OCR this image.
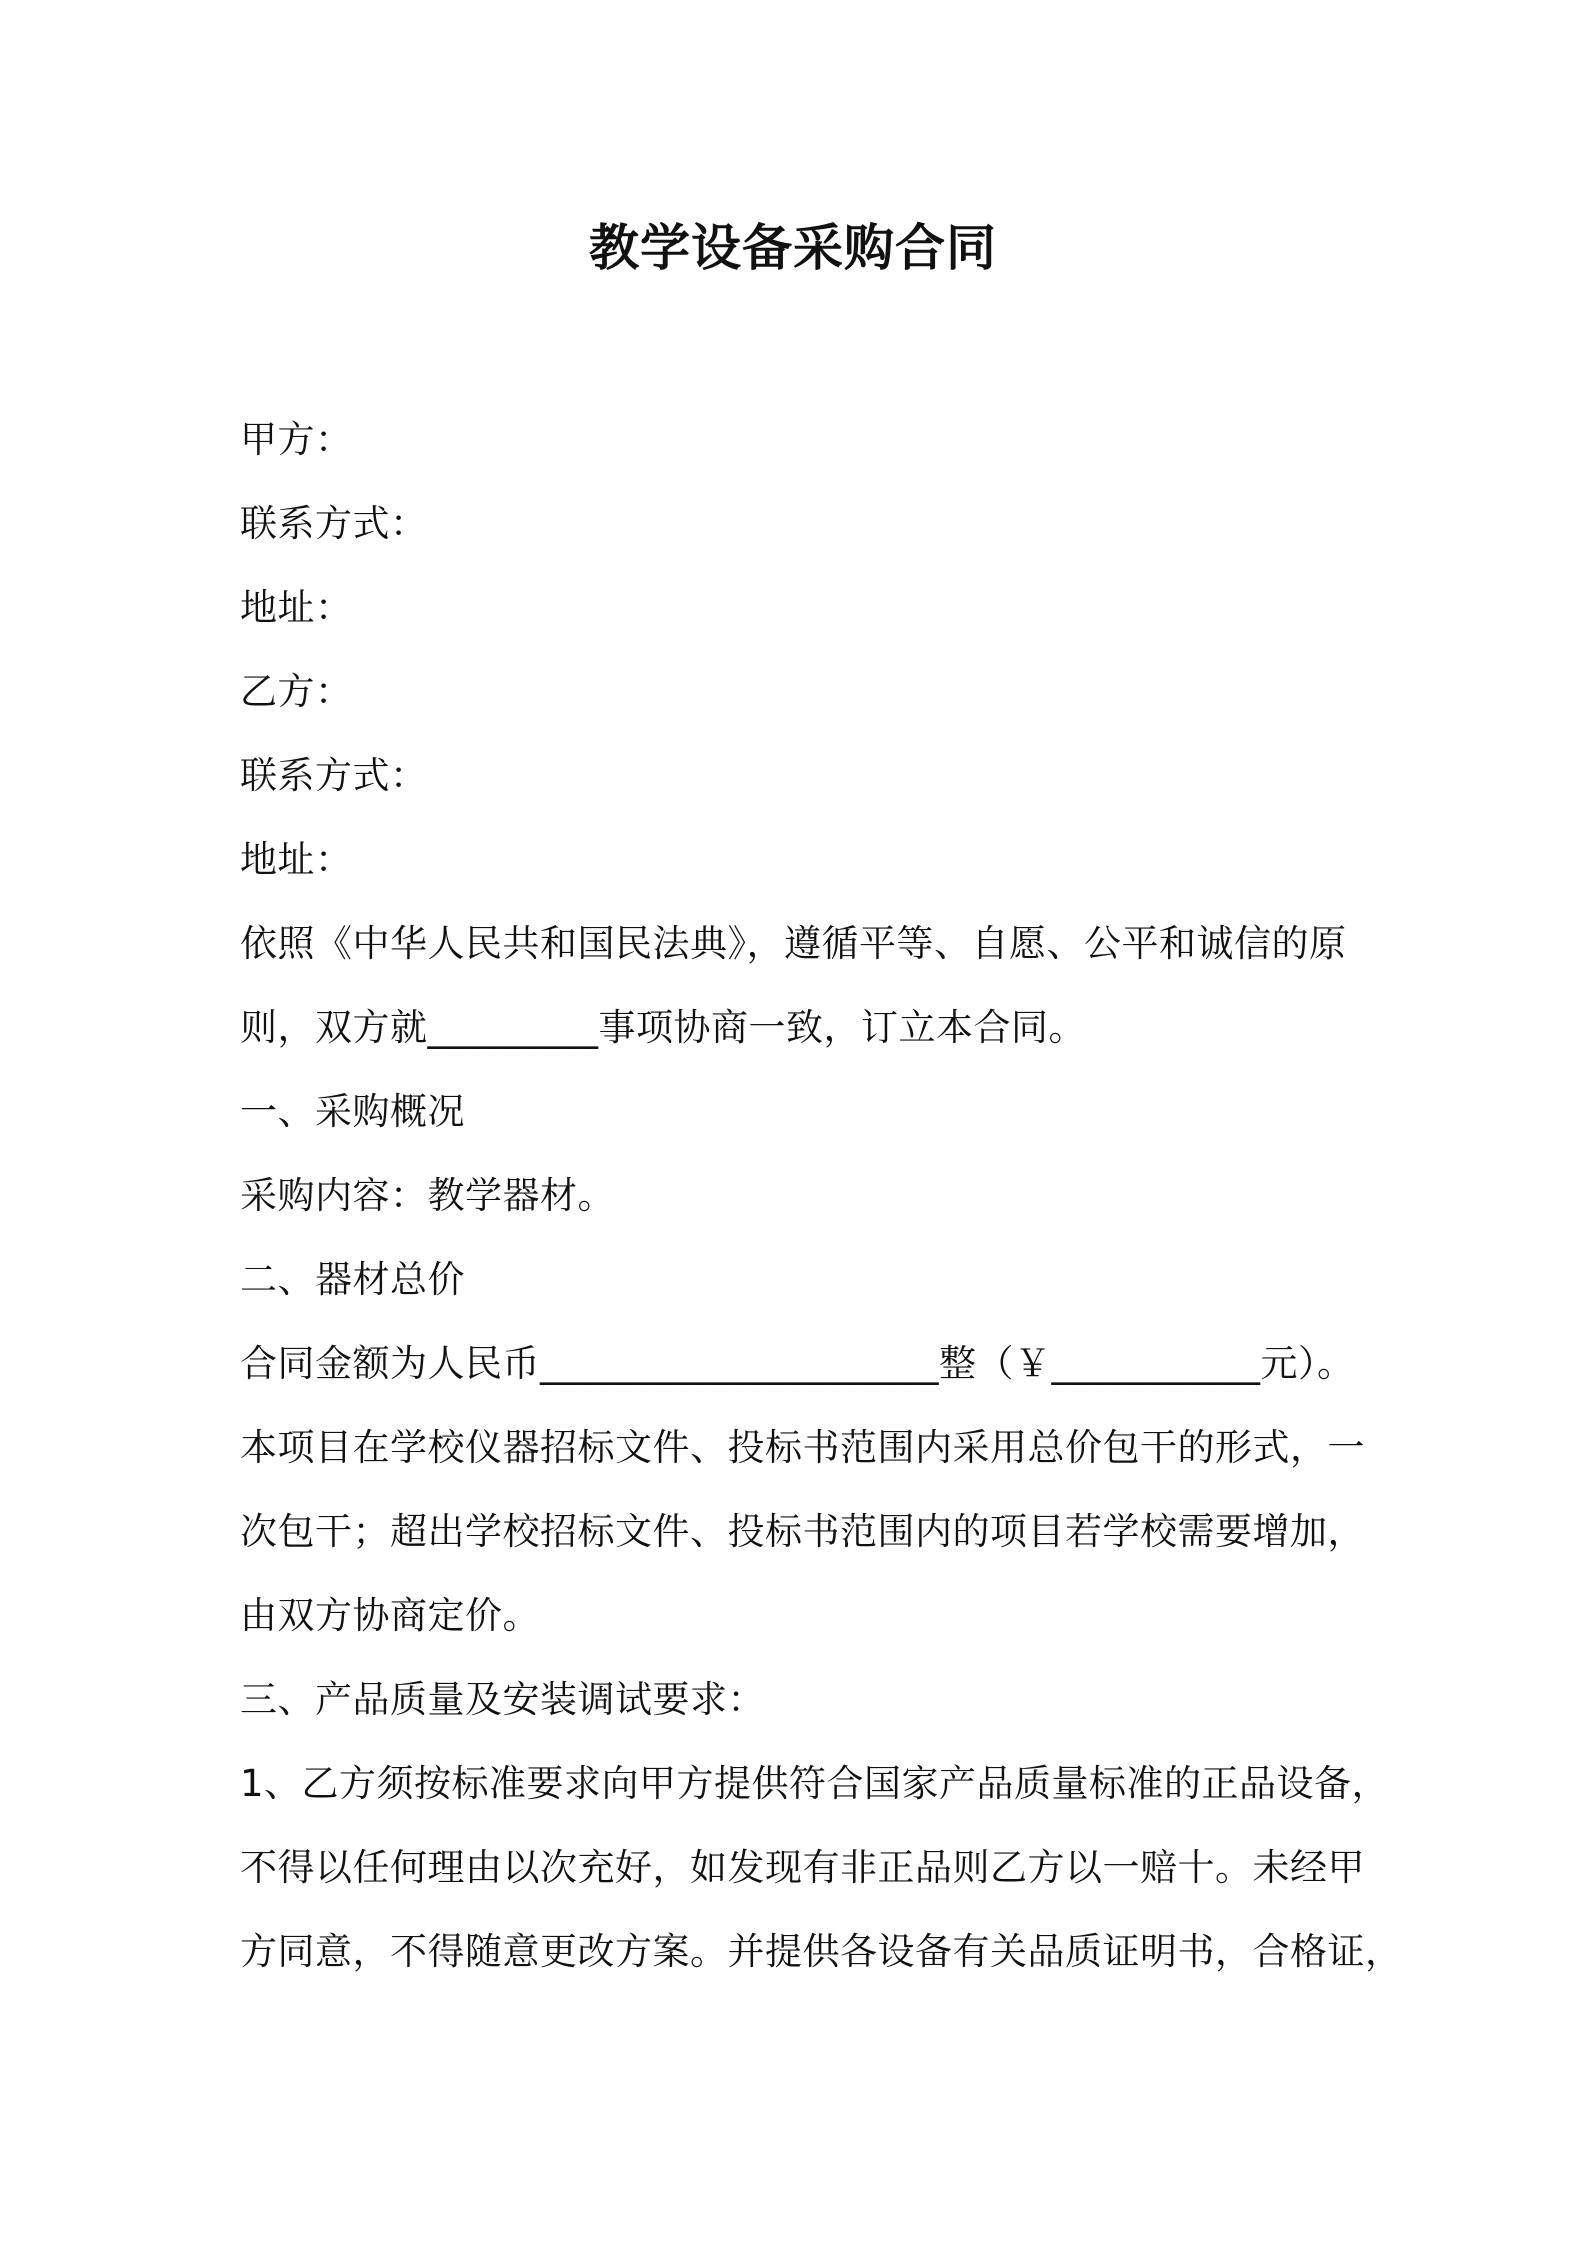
教学设备采购合同
甲方：
联系方式：
地址：
乙方：
联系方式：
地址：
依照《中华人民共和国民法典》，遵循平等、自愿、公平和诚信的原
则，双方就_________事项协商一致，订立本合同。
一、采购概况
采购内容：教学器材。
二、器材总价
合同金额为人民币_____________________整（￥___________元）。
本项目在学校仪器招标文件、投标书范围内采用总价包干的形式，一
次包干；超出学校招标文件、投标书范围内的项目若学校需要增加，
由双方协商定价。
三、产品质量及安装调试要求：
1、乙方须按标准要求向甲方提供符合国家产品质量标准的正品设备，
不得以任何理由以次充好，如发现有非正品则乙方以一赔十。未经甲
方同意，不得随意更改方案。并提供各设备有关品质证明书，合格证，
